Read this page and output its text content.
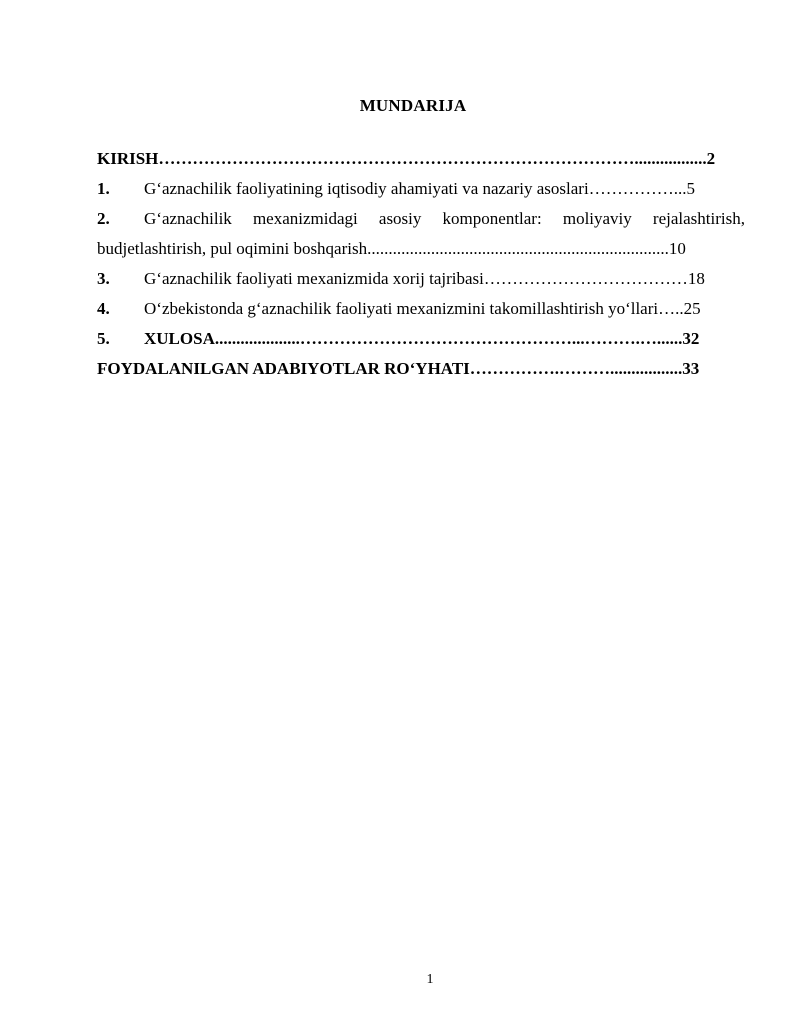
MUNDARIJA
KIRISH………………………………………………………………………….................2
1. G‘aznachilik faoliyatining iqtisodiy ahamiyati va nazariy asoslari……………...5
2. G‘aznachilik mexanizmidagi asosiy komponentlar: moliyaviy rejalashtirish,
budjetlashtirish, pul oqimini boshqarish.......................................................................10
3. G‘aznachilik faoliyati mexanizmida xorij tajribasi………………………………18
4. O‘zbekistonda g‘aznachilik faoliyati mexanizmini takomillashtirish yo‘llari…..25
5. XULOSA....................…………………………………………...……….…......32
FOYDALANILGAN ADABIYOTLAR RO‘YHATI…………….……….................33
1
